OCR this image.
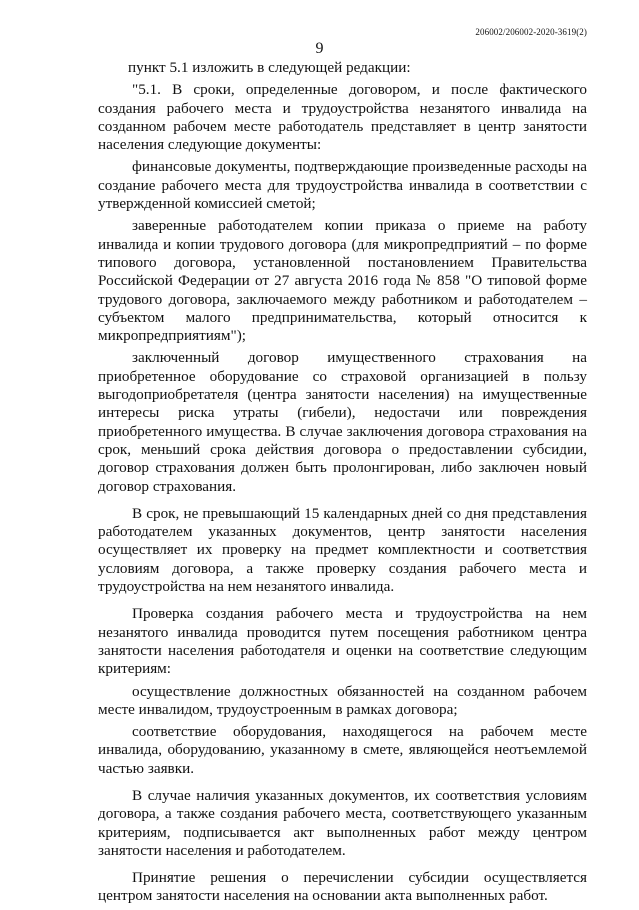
206002/206002-2020-3619(2)
9

пункт 5.1 изложить в следующей редакции:

"5.1. В сроки, определенные договором, и после фактического создания рабочего места и трудоустройства незанятого инвалида на созданном рабочем месте работодатель представляет в центр занятости населения следующие документы:

финансовые документы, подтверждающие произведенные расходы на создание рабочего места для трудоустройства инвалида в соответствии с утвержденной комиссией сметой;

заверенные работодателем копии приказа о приеме на работу инвалида и копии трудового договора (для микропредприятий – по форме типового договора, установленной постановлением Правительства Российской Федерации от 27 августа 2016 года № 858 "О типовой форме трудового договора, заключаемого между работником и работодателем – субъектом малого предпринимательства, который относится к микропредприятиям");

заключенный договор имущественного страхования на приобретенное оборудование со страховой организацией в пользу выгодоприобретателя (центра занятости населения) на имущественные интересы риска утраты (гибели), недостачи или повреждения приобретенного имущества. В случае заключения договора страхования на срок, меньший срока действия договора о предоставлении субсидии, договор страхования должен быть пролонгирован, либо заключен новый договор страхования.

В срок, не превышающий 15 календарных дней со дня представления работодателем указанных документов, центр занятости населения осуществляет их проверку на предмет комплектности и соответствия условиям договора, а также проверку создания рабочего места и трудоустройства на нем незанятого инвалида.

Проверка создания рабочего места и трудоустройства на нем незанятого инвалида проводится путем посещения работником центра занятости населения работодателя и оценки на соответствие следующим критериям:

осуществление должностных обязанностей на созданном рабочем месте инвалидом, трудоустроенным в рамках договора;

соответствие оборудования, находящегося на рабочем месте инвалида, оборудованию, указанному в смете, являющейся неотъемлемой частью заявки.

В случае наличия указанных документов, их соответствия условиям договора, а также создания рабочего места, соответствующего указанным критериям, подписывается акт выполненных работ между центром занятости населения и работодателем.

Принятие решения о перечислении субсидии осуществляется центром занятости населения на основании акта выполненных работ.
